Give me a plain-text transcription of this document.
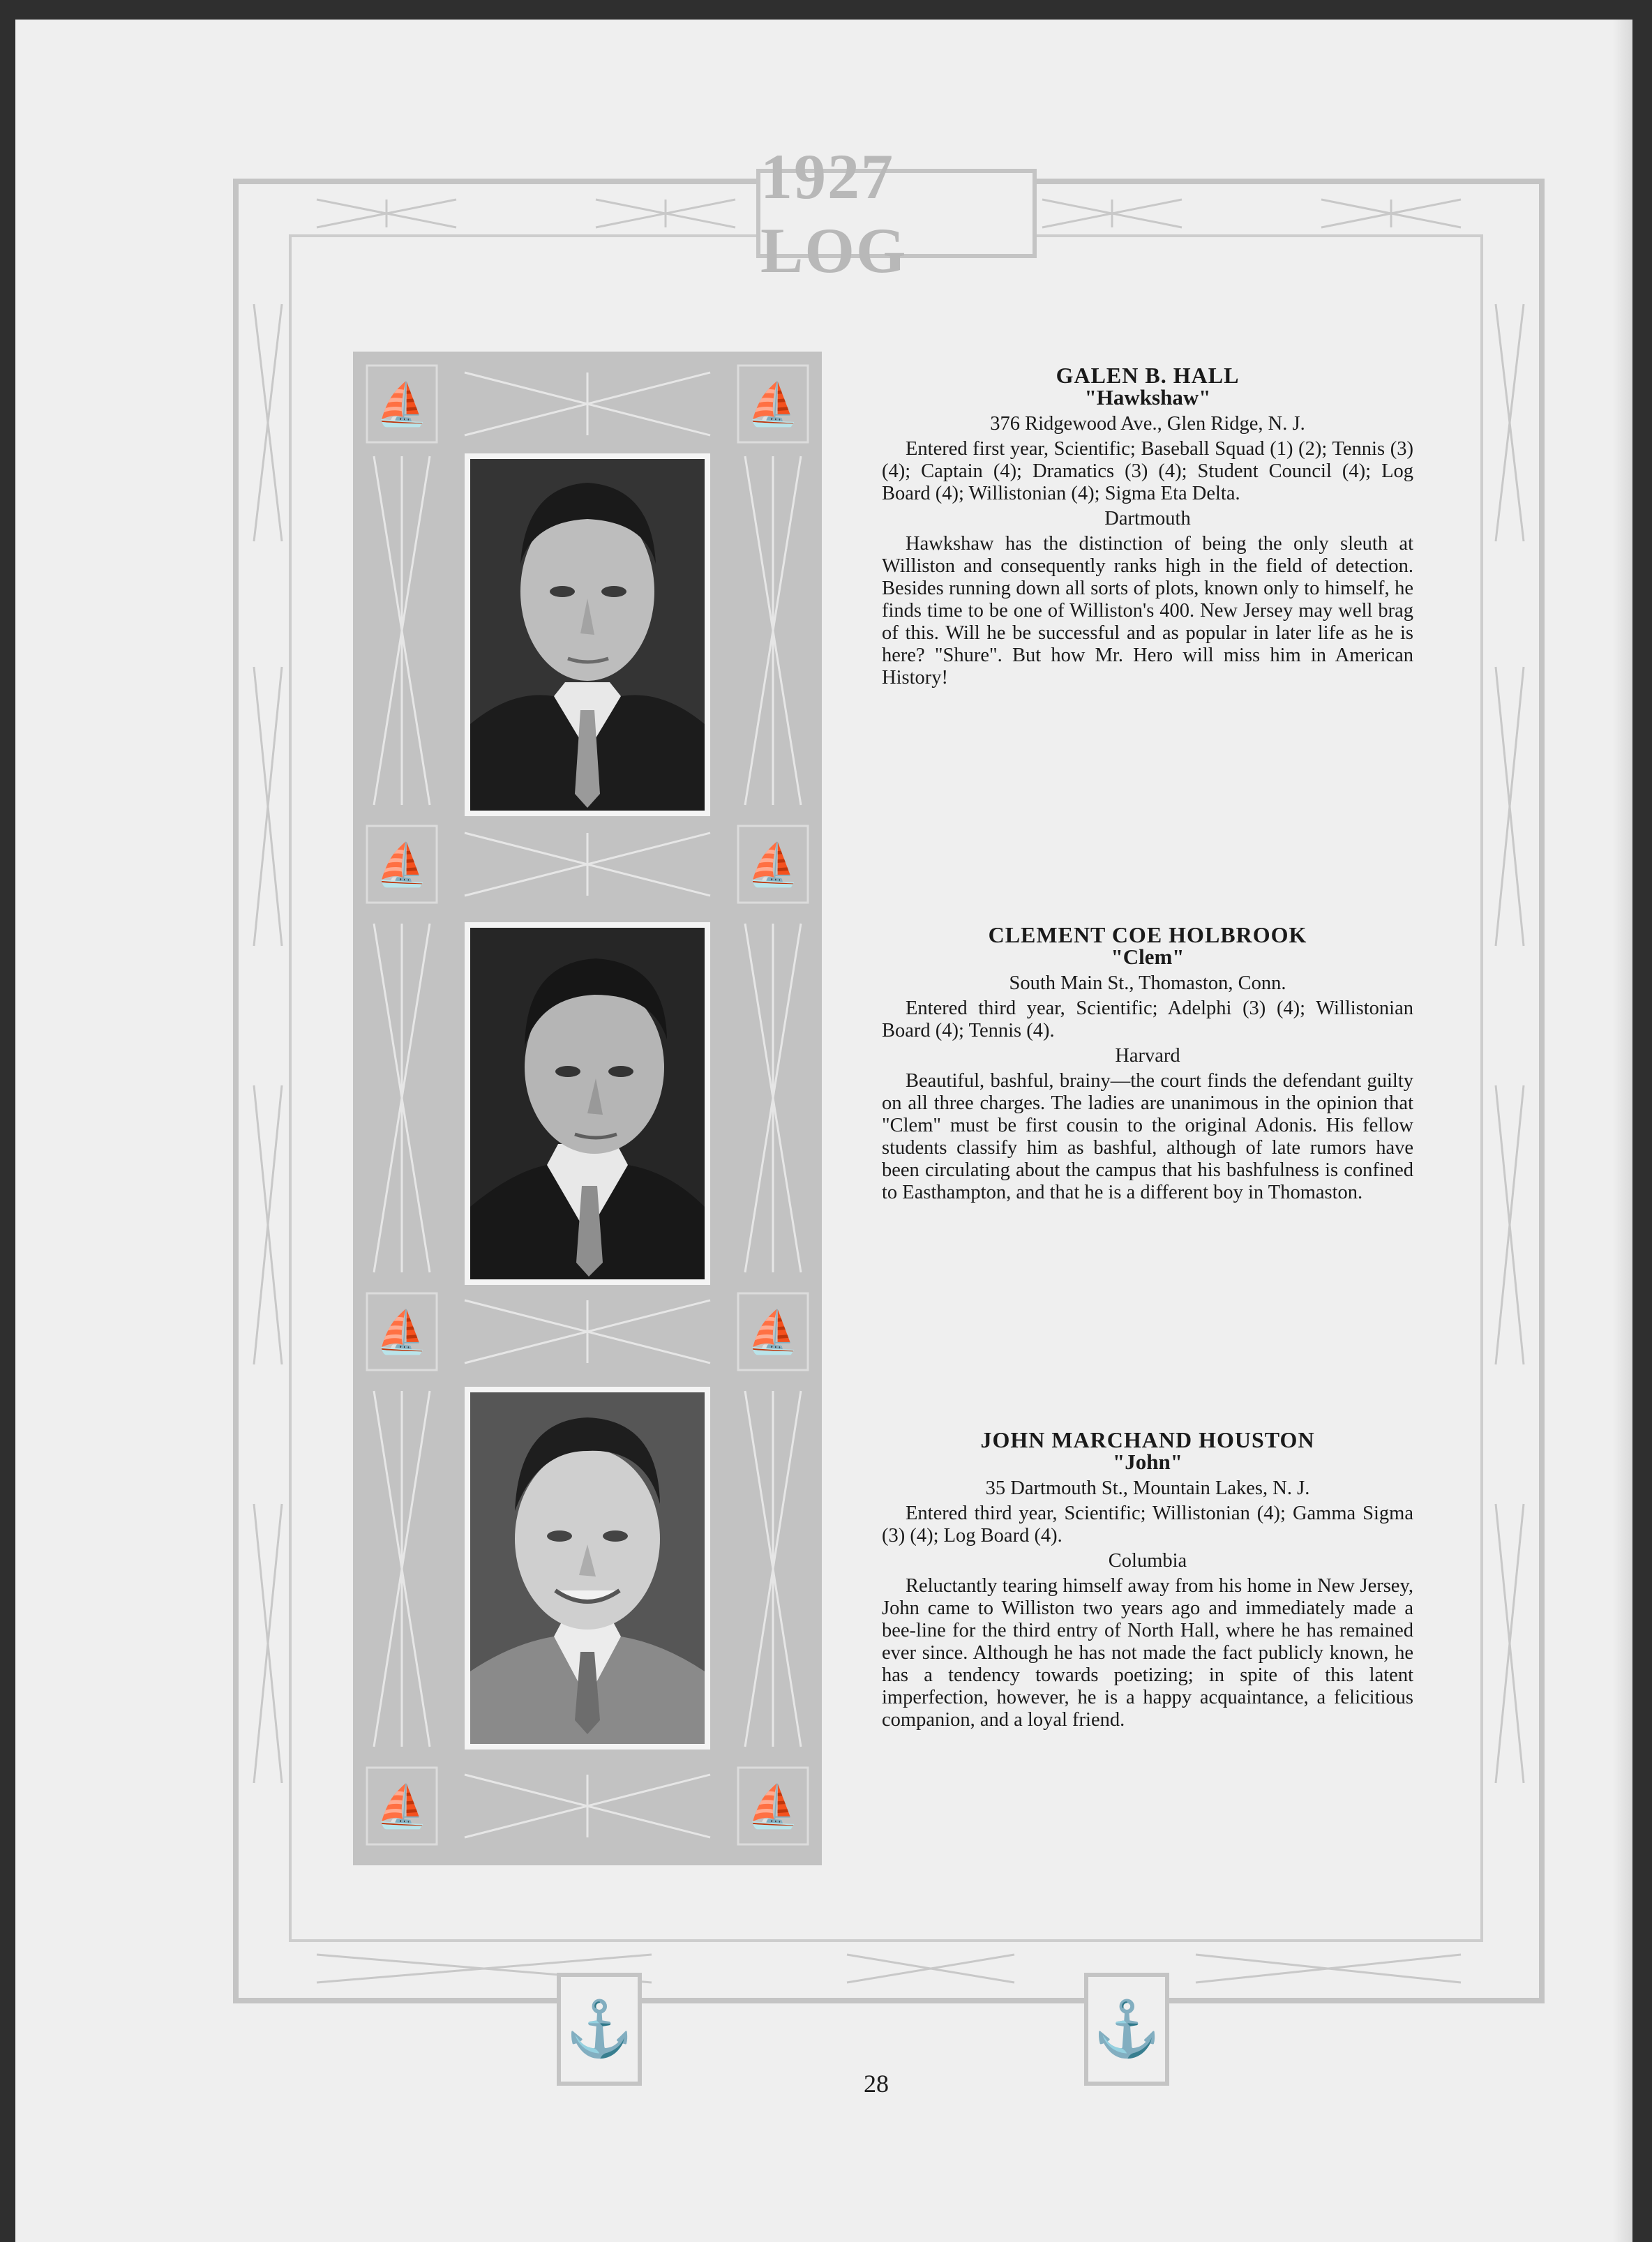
1927 LOG
⚓	⚓
⛵	⛵
⛵	⛵
⛵	⛵
⛵	⛵
GALEN B. HALL
"Hawkshaw"
376 Ridgewood Ave., Glen Ridge, N. J.
Entered first year, Scientific; Baseball Squad (1) (2); Tennis (3) (4); Captain (4); Dramatics (3) (4); Student Council (4); Log Board (4); Willistonian (4); Sigma Eta Delta.
Dartmouth
Hawkshaw has the distinction of being the only sleuth at Williston and consequently ranks high in the field of detection. Besides running down all sorts of plots, known only to himself, he finds time to be one of Williston's 400. New Jersey may well brag of this. Will he be successful and as popular in later life as he is here? "Shure". But how Mr. Hero will miss him in American History!
CLEMENT COE HOLBROOK
"Clem"
South Main St., Thomaston, Conn.
Entered third year, Scientific; Adelphi (3) (4); Willistonian Board (4); Tennis (4).
Harvard
Beautiful, bashful, brainy—the court finds the defendant guilty on all three charges. The ladies are unanimous in the opinion that "Clem" must be first cousin to the original Adonis. His fellow students classify him as bashful, although of late rumors have been circulating about the campus that his bashfulness is confined to Easthampton, and that he is a different boy in Thomaston.
JOHN MARCHAND HOUSTON
"John"
35 Dartmouth St., Mountain Lakes, N. J.
Entered third year, Scientific; Willistonian (4); Gamma Sigma (3) (4); Log Board (4).
Columbia
Reluctantly tearing himself away from his home in New Jersey, John came to Williston two years ago and immediately made a bee-line for the third entry of North Hall, where he has remained ever since. Although he has not made the fact publicly known, he has a tendency towards poetizing; in spite of this latent imperfection, however, he is a happy acquaintance, a felicitious companion, and a loyal friend.
28
